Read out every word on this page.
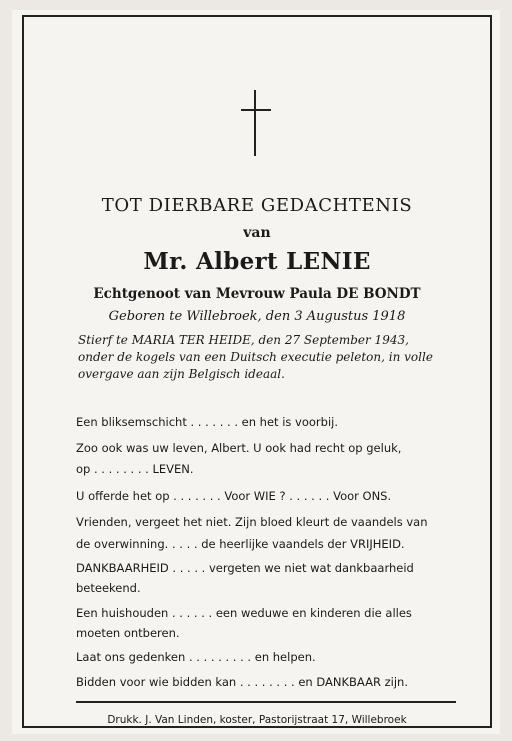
TOT DIERBARE GEDACHTENIS
van
Mr. Albert LENIE
Echtgenoot van Mevrouw Paula DE BONDT
Geboren te Willebroek, den 3 Augustus 1918
Stierf te MARIA TER HEIDE, den 27 September 1943,
onder de kogels van een Duitsch executie peleton, in volle
overgave aan zijn Belgisch ideaal.
Een bliksemschicht . . . . . . . en het is voorbij.
Zoo ook was uw leven, Albert. U ook had recht op geluk,
op . . . . . . . . LEVEN.
U offerde het op . . . . . . . Voor WIE ? . . . . . . Voor ONS.
Vrienden, vergeet het niet. Zijn bloed kleurt de vaandels van
de overwinning. . . . . de heerlijke vaandels der VRIJHEID.
DANKBAARHEID . . . . . vergeten we niet wat dankbaarheid
beteekend.
Een huishouden . . . . . . een weduwe en kinderen die alles
moeten ontberen.
Laat ons gedenken . . . . . . . . . en helpen.
Bidden voor wie bidden kan . . . . . . . . en DANKBAAR zijn.
Drukk. J. Van Linden, koster, Pastorijstraat 17, Willebroek
